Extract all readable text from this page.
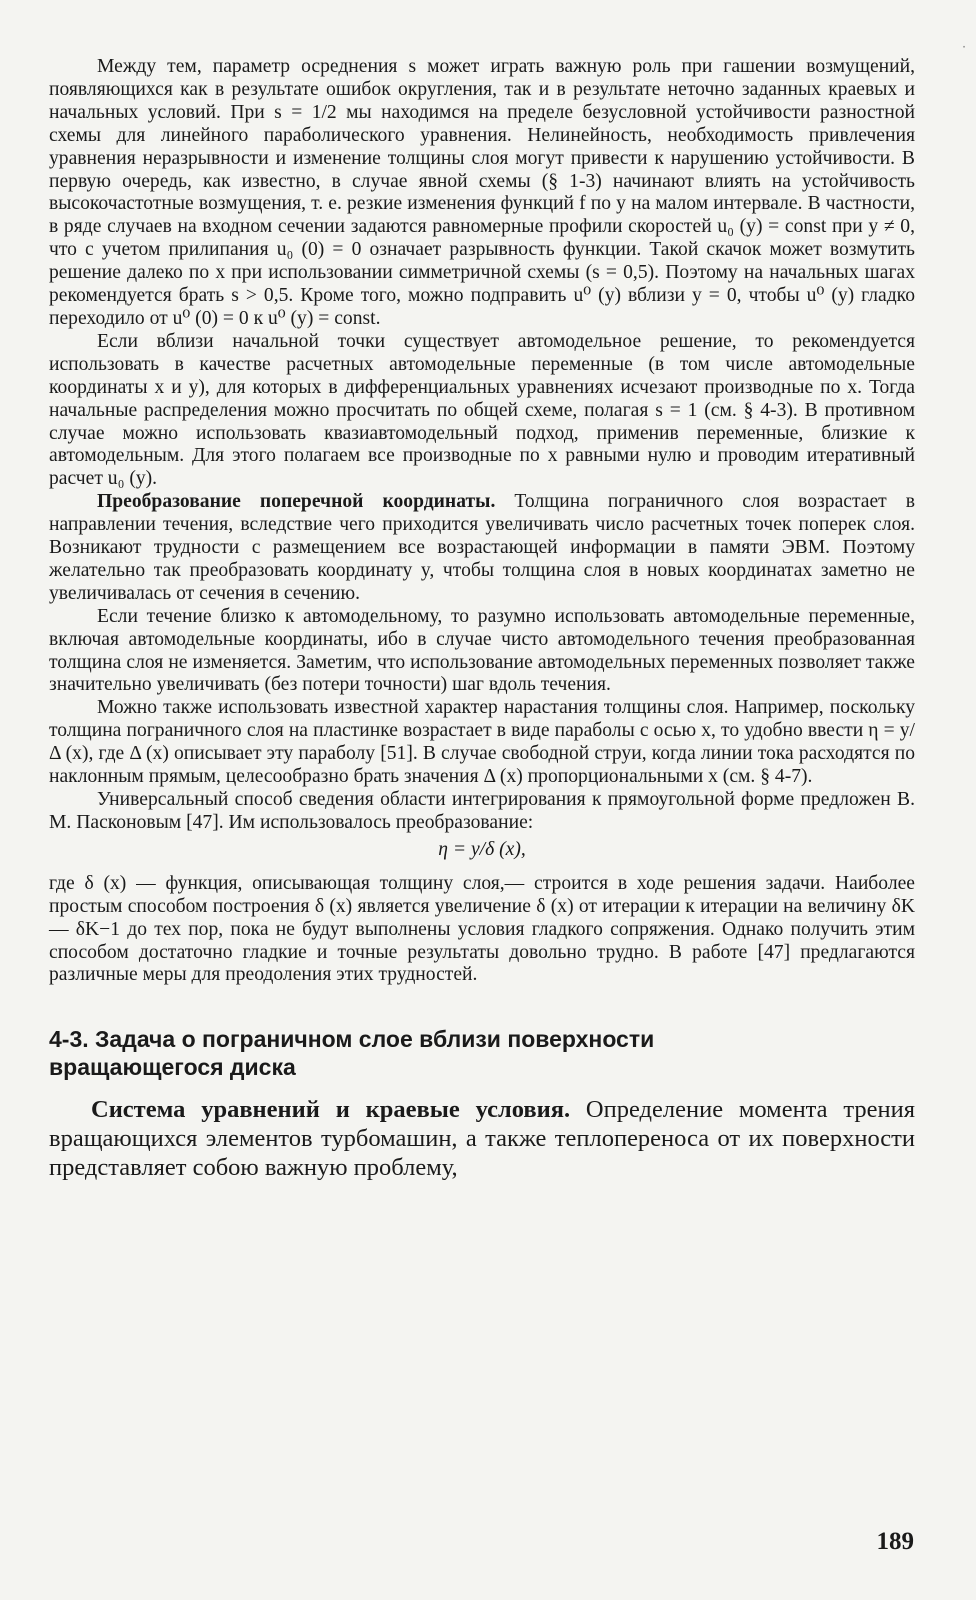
·

Между тем, параметр осреднения s может играть важную роль при гашении возмущений, появляющихся как в результате ошибок округления, так и в результате неточно заданных краевых и начальных условий. При s = 1/2 мы находимся на пределе безусловной устойчивости разностной схемы для линейного параболического уравнения. Нелинейность, необходимость привлечения уравнения неразрывности и изменение толщины слоя могут привести к нарушению устойчивости. В первую очередь, как известно, в случае явной схемы (§ 1-3) начинают влиять на устойчивость высокочастотные возмущения, т. е. резкие изменения функций f по y на малом интервале. В частности, в ряде случаев на входном сечении задаются равномерные профили скоростей u₀ (y) = const при y ≠ 0, что с учетом прилипания u₀ (0) = 0 означает разрывность функции. Такой скачок может возмутить решение далеко по x при использовании симметричной схемы (s = 0,5). Поэтому на начальных шагах рекомендуется брать s > 0,5. Кроме того, можно подправить u⁰ (y) вблизи y = 0, чтобы u⁰ (y) гладко переходило от u⁰ (0) = 0 к u⁰ (y) = const.

Если вблизи начальной точки существует автомодельное решение, то рекомендуется использовать в качестве расчетных автомодельные переменные (в том числе автомодельные координаты x и y), для которых в дифференциальных уравнениях исчезают производные по x. Тогда начальные распределения можно просчитать по общей схеме, полагая s = 1 (см. § 4-3). В противном случае можно использовать квазиавтомодельный подход, применив переменные, близкие к автомодельным. Для этого полагаем все производные по x равными нулю и проводим итеративный расчет u₀ (y).

Преобразование поперечной координаты. Толщина пограничного слоя возрастает в направлении течения, вследствие чего приходится увеличивать число расчетных точек поперек слоя. Возникают трудности с размещением все возрастающей информации в памяти ЭВМ. Поэтому желательно так преобразовать координату y, чтобы толщина слоя в новых координатах заметно не увеличивалась от сечения в сечению.

Если течение близко к автомодельному, то разумно использовать автомодельные переменные, включая автомодельные координаты, ибо в случае чисто автомодельного течения преобразованная толщина слоя не изменяется. Заметим, что использование автомодельных переменных позволяет также значительно увеличивать (без потери точности) шаг вдоль течения.

Можно также использовать известной характер нарастания толщины слоя. Например, поскольку толщина пограничного слоя на пластинке возрастает в виде параболы с осью x, то удобно ввести η = y/Δ (x), где Δ (x) описывает эту параболу [51]. В случае свободной струи, когда линии тока расходятся по наклонным прямым, целесообразно брать значения Δ (x) пропорциональными x (см. § 4-7).

Универсальный способ сведения области интегрирования к прямоугольной форме предложен В. М. Пасконовым [47]. Им использовалось преобразование:

η = y/δ (x),

где δ (x) — функция, описывающая толщину слоя,— строится в ходе решения задачи. Наиболее простым способом построения δ (x) является увеличение δ (x) от итерации к итерации на величину δK — δK−1 до тех пор, пока не будут выполнены условия гладкого сопряжения. Однако получить этим способом достаточно гладкие и точные результаты довольно трудно. В работе [47] предлагаются различные меры для преодоления этих трудностей.

4-3. Задача о пограничном слое вблизи поверхности
вращающегося диска

Система уравнений и краевые условия. Определение момента трения вращающихся элементов турбомашин, а также теплопереноса от их поверхности представляет собою важную проблему,

189
